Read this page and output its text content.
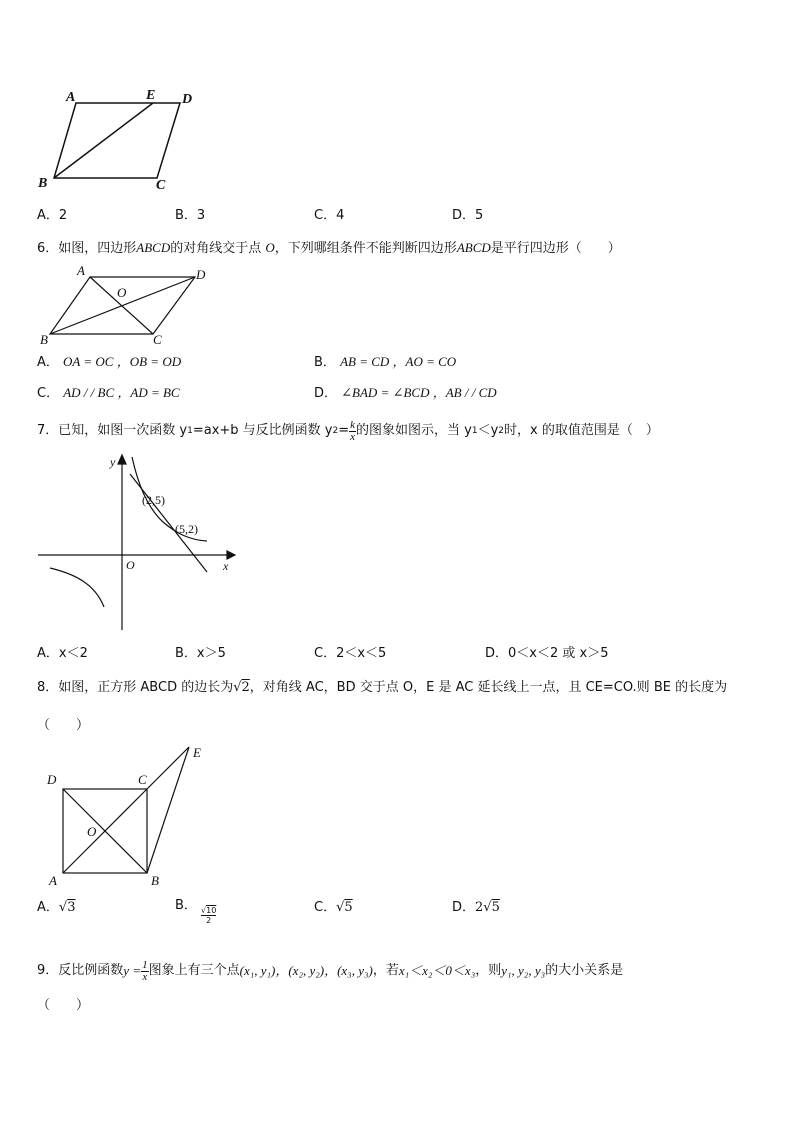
A	E D
B	C
A．2	B．3	C．4	D．5
6．如图，四边形ABCD的对角线交于点 O，下列哪组条件不能判断四边形ABCD是平行四边形（　　）
A	D
O
B	C
A． OA = OC ，OB = OD	B． AB = CD ，AO = CO
C． AD / / BC ，AD = BC	D． ∠BAD = ∠BCD ，AB / / CD
7． 已知，如图一次函数 y 1 =ax+b 与反比例函数 y $2 = \frac{k}{x}$ 的图象如图示，当 y 1 ＜y 2 时，x 的取值范围是（　）
y
x
O
(2,5)
(5,2)
A．x＜2	B．x＞5	C．2＜x＜5	D．0＜x＜2 或 x＞5
8．如图，正方形 ABCD 的边长为√2，对角线 AC，BD 交于点 O，E 是 AC 延长线上一点，且 CE=CO.则 BE 的长度为
（　　）
D	C
E
O
A	B
A．√3	B． √10
2
C．√5	D．2√5
9． 反比例函数 $y = \frac{1}{x}$ 图象上有三个点 (x₁, y₁)，(x₂, y₂)，(x₃, y₃) ，若 x₁＜x₂＜0＜x₃ ，则 y₁, y₂, y₃ 的大小关系是
（　　）
